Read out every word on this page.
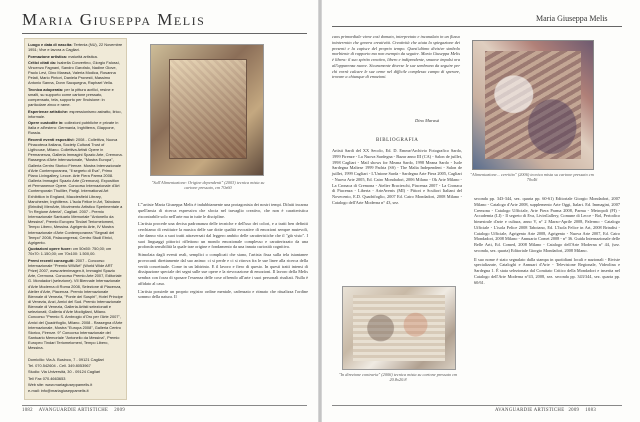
Maria Giuseppa Melis	Maria Giuseppa Melis

Luogo e data di nascita: Tertenia (NU), 22 Novembre 1951; Vive e lavora a Cagliari.

Formazione artistica: maturità artistica.

Critici citati da: Isabella Convertino, Giorgio Falossi, Vincenzo Fagnani, Sandro Garofalo, Nadine Giove, Paolo Levi, Dino Marasà, Valeria Modica, Rosanna Pelati, Mario Pintori, Daniela Pronesti, Massimo Antonio Sanna, Donn Sacquegna, Raphael Vella.

Tecnica adoperata: per la pittura acrilici, resine e smalti, su supporto come cartone pressato, compensato, tela, supporto per l'incisione: in particolare zinco e rame.

Esperienze artistiche: espressionismo astratto, lirico, informale.

Opere custodite in: collezioni pubbliche e private in Italia e all'estero: Germania, Inghilterra, Giappone, Russia.

Recenti eventi espositivi: 2008 - Collettiva, Nuova Pinacoteca Italiana, Society Cultural Trust of Ligthouse, Milano. Collettiva Artisti Opere in Permanenza, Galleria Immagini Spazio Arte, Cremona. Rassegna d'Arte Internazionale, "Mostra Europa", Galleria Centro Storico Firenze. Mostra Internazionale d'Arte Contemporanea, "Il segreto di Eva", Primo Piano Livingallery, Lecce. Arte Fiera Parma 2008. Galleria Immagini Spazio Arte (Cremona). Exposition et Permanence Opere. Concorso Internazionale d'Art Contemporain Thuillier, Parigi. International Art Exhibition in England, Macclesfield Library, Manchester, Inghilterra. L'Isola Felice in Art, Taboiano (Brindisi) MenArte, Movimento Artistico Sperimentale a "In Regione Arteria", Cagliari. 2007 - Premio Internazionale Santuario Memoriale "Antonello da Messina", Premio Europeo Tindari Teriomelomeni, Tempo Libero, Messina. Agrigento Arte, IV Mostra Internazionale d'Arte Contemporanea "Segnali del Tempo" 2008, Palacongressi, Centro Studi Etnici, Agrigento.

Quotazioni opere fuore: cm 50x50: 750,00; cm 70x70: 1.150,00; cm 70x100: 1.500,00.

Premi recenti conseguiti: 2007 - Concorso Internazionale "Premio WWArt" (World Wide ART Prize) 2007, www.artenimagen.it, Immagini Spazio Arte, Cremona. Concorso Premio Arte 2007, Editoriale G. Mondadori (selezione). VII Biennale Internazionale d'Arte Moderna di Roma 2008, Selezione di Piacenza, Atelier d'Arte, Piacenza. Premio Internazionale Biennale di Venezia, "Ponte dei Sospiri", Hotel Principe di Venezia, Anzi, Amici del Sud. Premio Internazionale Biennale di Venezia, Galleria Artisti selezionati e selezionati, Galleria d'Arte Modigliani, Milano. Concorso "Premio S. Ambrogio d'Oro per l'Arte 2007", Amici del Quadrifoglio, Milano. 2008 - Rassegna d'Arte Internazionale, Mostra "Europa 2008", Galleria Centro Storico, Firenze. 9° Concorso Internazionale del Santuario Memoriale "Antonello da Messina", Premio Europeo Tindari Teriomelomeni, Tempo Libero, Messina.

Domicilio: Via A. Businco, 7 - 09121 Cagliari

Tel. 070.542604 - Cell. 349.8053967

Studio: Via Università, 30 - 09124 Cagliari

Tel/ Fax 070.4663653

Web site: www.mariagiuseppamelis.it

e-mail: info@mariagiuseppamelis.it

"Sull'Alimentazione: Origine dependenti" (2003) tecnica mista su cartone pressato, cm 70x60

L'"artiste Maria Giuseppa Melis è indubbiamente una protagonista dei nostri tempi. Difatti incarna quell'ansia di ricerca espressiva che sfocia nel travaglio creativo, che non è caratteristica riscontrabile solo nell'arte ma in tutte le discipline.

L'artista procede una decisa padronanza delle tecniche e dell'uso dei colori, e a tratti ben definiti cerchiamo di restituire la musica delle sue dotte qualità evocative di emozioni sempre mutevoli, che danno vita a suoi tratti attraversati dal leggero ambito delle caratteristiche che il "già visto". I suoi linguaggi pittorici riflettono un mondo emozionale complesso e caratterizzato da una profonda sensibilità la quale trae origine e fondamento da una innata curiosità cognitiva.

Stimolata dagli eventi reali, semplici o complicati che siano, l'artista fissa sulla tela istantanee provocanti direttamente dal suo animo: ci si perde e ci si ritrova fra le sue linee alla ricerca della verità concettuale. Come in un labirinto. E il lavoro e fiero di questo. In questi tratti intensi di dissipazione speciale dei segni sulle sue opere e la rievocazione di emozioni. Il lavoro della Melis sembra con forza di sposare l'essenza delle cose offrendo all'arte i suoi personali risultati. Nulla è affidato al caso.

L'artista possiede un proprio registro ordine mentale, cadenzato e ritmato che ritualizza l'ordine sommo della natura. Il

caos primordiale viene così domato, interpretato e incanalato in un flusso ininterrotto che genera creatività. Creatività che aiuta la spiegazione dei presenti e la capisce del proprio tempo. Quest'ultimo divisive simbolo morbiente di rapporto ma non esempio da seguire. Maria Giuseppa Melis è libera: il suo spirito creativo, libero e indipendente, smuove impulsi ora all'apparenza nuove. Sicuramente diverse le sue sembrano da seguire per chi vorrà calcare le sue orme nel difficile complesso campo di sperare, trovare a chiunque di emozioni.
Dino Marasà
BIBLIOGRAFIA
Artisti Sardi del XX Secolo, Ed. D. Emme/Archivio Fotografico Sardo, 1999 Firenze - La Nuova Sardegna - Bazar anno III (CA) - Salon de juillet, 1998 Cagliari - Mail shows for Meana Sardo, 1998 Meana Sardo - Isole Sardegna Maltese 1999 Padria (SS) - The Malta Independent - Salon de juillet, 1999 Cagliari - L'Unione Sarda - Sardegna Arte Fiera 2005, Cagliari - Nuova Arte 2005, Ed. Cairo Mondadori, 2006 Milano - Ok Arte Milano - La Cronaca di Cremona - Atelier Bracieschi, Piacenza 2007 - La Cronaca di Piacenza - Liberta - ArteAvenis (MI) - Pittori e Scultori Italiani del Novecento, E.D. Quadrifoglio, 2007 Ed. Cairo Mondadori, 2008 Milano - Catalogo dell'Arte Moderna n° 43, sez.
"Alimentazione... cerritito" (2006) tecnica mista su cartone pressato cm 70x46

seconda pp. 343-344, sez. quarta pp. 60-61) Editoriale Giorgio Mondadori, 2007 Milano - Catalogo d'Arte 2008, supplemento Arte Oggi, Italart. Ed. Immagini, 2007 Cremona - Catalogo Ufficiale, Arte Fiera Parma 2008, Parma - Metropoli (FI) - Accademia (LI) - Il segreto di Eva, LivinGallery, Comune di Lecce - Bol, Periodico bimestrale d'arte e cultura, anno V, n° 2 Marzo-Aprile 2008, Palermo - Catalogo Ufficiale - L'isola Felice 2008 Taboiano, Ed. L'Isola Felice in Art, 2008 Brindisi - Catalogo Ufficiale, Agrigento Arte 2008, Agrigento - Nuova Arte 2007, Ed. Cairo Mondadori, 2008 Milano - Annuario Comet 2008 - n° 36. Guida Internazionale delle Belle Arti, Ed. Comed, 2008 Milano - Catalogo dell'Arte Moderna n° 44, (sez. seconda, sez. quarta) Editoriale Giorgio Mondadori, 2008 Milano.

Il suo nome è stato segnalato dalla stampa in quotidiani locali e nazionali - Riviste specializzate, Cataloghi e Annuari d'Arte - Televisione Regionale, Videolina e Sardegna 1. È stata selezionata dal Comitato Critico della Mondadori e inserita nel Catalogo dell'Arte Moderna n°43, 2008, sez. seconda pp. 343/344, sez. quarta pp. 60/61.

"In direzione contraria" (2006) tecnica mista su cartone pressato cm 20.8x20.8
1082 AVANGUARDIE ARTISTICHE 2009	AVANGUARDIE ARTISTICHE 2009 1083
